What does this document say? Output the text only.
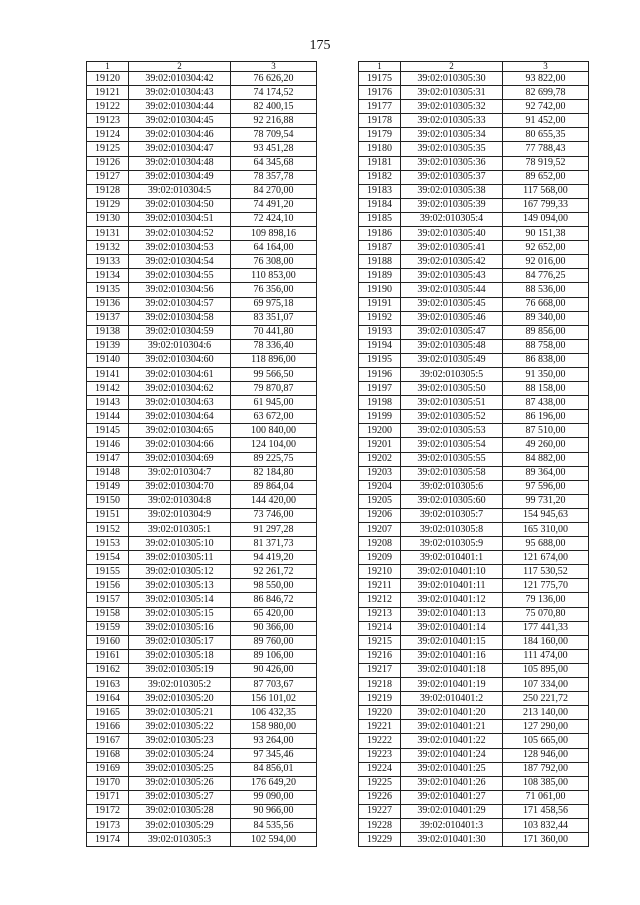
175
1	2	3
19120	39:02:010304:42	76 626,20
19121	39:02:010304:43	74 174,52
19122	39:02:010304:44	82 400,15
19123	39:02:010304:45	92 216,88
19124	39:02:010304:46	78 709,54
19125	39:02:010304:47	93 451,28
19126	39:02:010304:48	64 345,68
19127	39:02:010304:49	78 357,78
19128	39:02:010304:5	84 270,00
19129	39:02:010304:50	74 491,20
19130	39:02:010304:51	72 424,10
19131	39:02:010304:52	109 898,16
19132	39:02:010304:53	64 164,00
19133	39:02:010304:54	76 308,00
19134	39:02:010304:55	110 853,00
19135	39:02:010304:56	76 356,00
19136	39:02:010304:57	69 975,18
19137	39:02:010304:58	83 351,07
19138	39:02:010304:59	70 441,80
19139	39:02:010304:6	78 336,40
19140	39:02:010304:60	118 896,00
19141	39:02:010304:61	99 566,50
19142	39:02:010304:62	79 870,87
19143	39:02:010304:63	61 945,00
19144	39:02:010304:64	63 672,00
19145	39:02:010304:65	100 840,00
19146	39:02:010304:66	124 104,00
19147	39:02:010304:69	89 225,75
19148	39:02:010304:7	82 184,80
19149	39:02:010304:70	89 864,04
19150	39:02:010304:8	144 420,00
19151	39:02:010304:9	73 746,00
19152	39:02:010305:1	91 297,28
19153	39:02:010305:10	81 371,73
19154	39:02:010305:11	94 419,20
19155	39:02:010305:12	92 261,72
19156	39:02:010305:13	98 550,00
19157	39:02:010305:14	86 846,72
19158	39:02:010305:15	65 420,00
19159	39:02:010305:16	90 366,00
19160	39:02:010305:17	89 760,00
19161	39:02:010305:18	89 106,00
19162	39:02:010305:19	90 426,00
19163	39:02:010305:2	87 703,67
19164	39:02:010305:20	156 101,02
19165	39:02:010305:21	106 432,35
19166	39:02:010305:22	158 980,00
19167	39:02:010305:23	93 264,00
19168	39:02:010305:24	97 345,46
19169	39:02:010305:25	84 856,01
19170	39:02:010305:26	176 649,20
19171	39:02:010305:27	99 090,00
19172	39:02:010305:28	90 966,00
19173	39:02:010305:29	84 535,56
19174	39:02:010305:3	102 594,00
1	2	3
19175	39:02:010305:30	93 822,00
19176	39:02:010305:31	82 699,78
19177	39:02:010305:32	92 742,00
19178	39:02:010305:33	91 452,00
19179	39:02:010305:34	80 655,35
19180	39:02:010305:35	77 788,43
19181	39:02:010305:36	78 919,52
19182	39:02:010305:37	89 652,00
19183	39:02:010305:38	117 568,00
19184	39:02:010305:39	167 799,33
19185	39:02:010305:4	149 094,00
19186	39:02:010305:40	90 151,38
19187	39:02:010305:41	92 652,00
19188	39:02:010305:42	92 016,00
19189	39:02:010305:43	84 776,25
19190	39:02:010305:44	88 536,00
19191	39:02:010305:45	76 668,00
19192	39:02:010305:46	89 340,00
19193	39:02:010305:47	89 856,00
19194	39:02:010305:48	88 758,00
19195	39:02:010305:49	86 838,00
19196	39:02:010305:5	91 350,00
19197	39:02:010305:50	88 158,00
19198	39:02:010305:51	87 438,00
19199	39:02:010305:52	86 196,00
19200	39:02:010305:53	87 510,00
19201	39:02:010305:54	49 260,00
19202	39:02:010305:55	84 882,00
19203	39:02:010305:58	89 364,00
19204	39:02:010305:6	97 596,00
19205	39:02:010305:60	99 731,20
19206	39:02:010305:7	154 945,63
19207	39:02:010305:8	165 310,00
19208	39:02:010305:9	95 688,00
19209	39:02:010401:1	121 674,00
19210	39:02:010401:10	117 530,52
19211	39:02:010401:11	121 775,70
19212	39:02:010401:12	79 136,00
19213	39:02:010401:13	75 070,80
19214	39:02:010401:14	177 441,33
19215	39:02:010401:15	184 160,00
19216	39:02:010401:16	111 474,00
19217	39:02:010401:18	105 895,00
19218	39:02:010401:19	107 334,00
19219	39:02:010401:2	250 221,72
19220	39:02:010401:20	213 140,00
19221	39:02:010401:21	127 290,00
19222	39:02:010401:22	105 665,00
19223	39:02:010401:24	128 946,00
19224	39:02:010401:25	187 792,00
19225	39:02:010401:26	108 385,00
19226	39:02:010401:27	71 061,00
19227	39:02:010401:29	171 458,56
19228	39:02:010401:3	103 832,44
19229	39:02:010401:30	171 360,00
